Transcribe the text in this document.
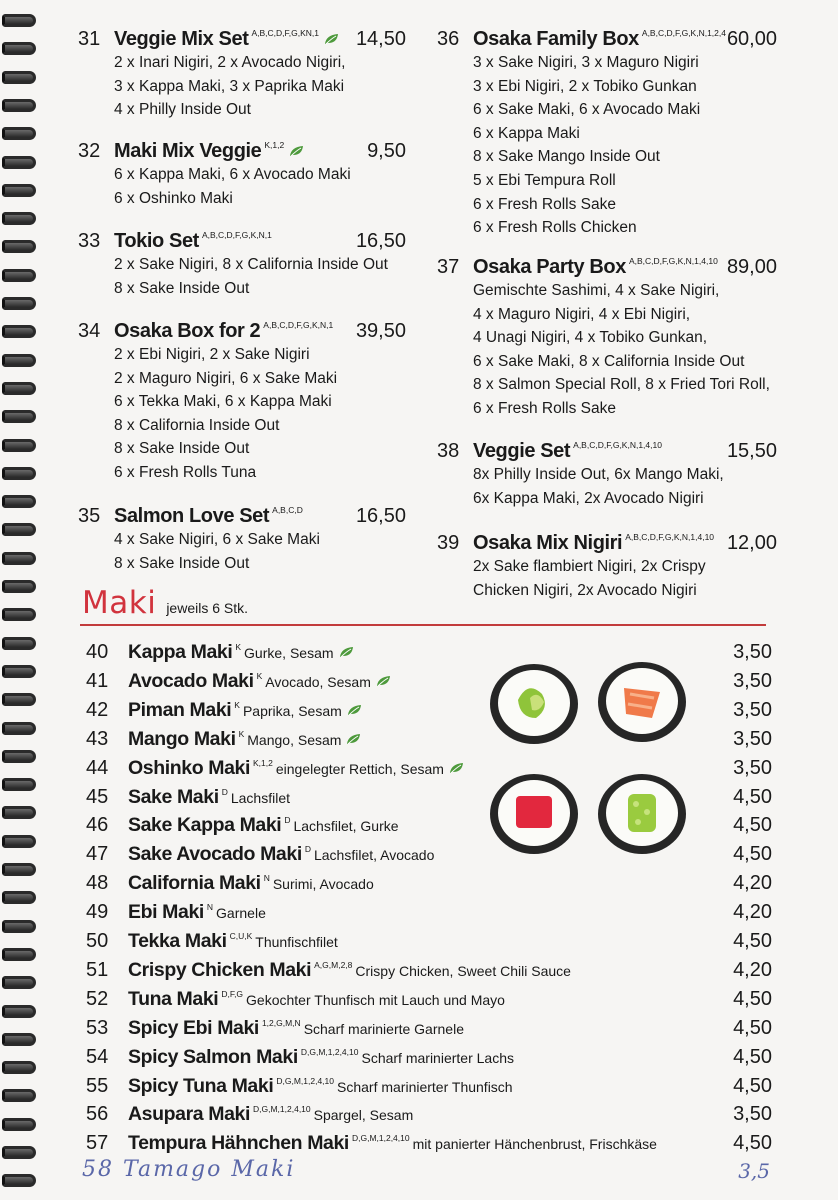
31 Veggie Mix Set A,B,C,D,F,G,KN,1 14,50
2 x Inari Nigiri, 2 x Avocado Nigiri,
3 x Kappa Maki, 3 x Paprika Maki
4 x Philly Inside Out
32 Maki Mix Veggie K,1,2	9,50
6 x Kappa Maki, 6 x Avocado Maki
6 x Oshinko Maki
33 Tokio Set A,B,C,D,F,G,K,N,1	16,50
2 x Sake Nigiri, 8 x California Inside Out
8 x Sake Inside Out
34 Osaka Box for 2 A,B,C,D,F,G,K,N,1 39,50
2 x Ebi Nigiri, 2 x Sake Nigiri
2 x Maguro Nigiri, 6 x Sake Maki
6 x Tekka Maki, 6 x Kappa Maki
8 x California Inside Out
8 x Sake Inside Out
6 x Fresh Rolls Tuna
35 Salmon Love Set A,B,C,D	16,50
4 x Sake Nigiri, 6 x Sake Maki
8 x Sake Inside Out
36 Osaka Family Box A,B,C,D,F,G,K,N,1,2,4 60,00
3 x Sake Nigiri, 3 x Maguro Nigiri
3 x Ebi Nigiri, 2 x Tobiko Gunkan
6 x Sake Maki, 6 x Avocado Maki
6 x Kappa Maki
8 x Sake Mango Inside Out
5 x Ebi Tempura Roll
6 x Fresh Rolls Sake
6 x Fresh Rolls Chicken
37 Osaka Party Box A,B,C,D,F,G,K,N,1,4,10 89,00
Gemischte Sashimi, 4 x Sake Nigiri,
4 x Maguro Nigiri, 4 x Ebi Nigiri,
4 Unagi Nigiri, 4 x Tobiko Gunkan,
6 x Sake Maki, 8 x California Inside Out
8 x Salmon Special Roll, 8 x Fried Tori Roll,
6 x Fresh Rolls Sake
38 Veggie Set A,B,C,D,F,G,K,N,1,4,10	15,50
8x Philly Inside Out, 6x Mango Maki,
6x Kappa Maki, 2x Avocado Nigiri
39 Osaka Mix Nigiri A,B,C,D,F,G,K,N,1,4,10 12,00
2x Sake flambiert Nigiri, 2x Crispy
Chicken Nigiri, 2x Avocado Nigiri
Maki jeweils 6 Stk.
40	Kappa Maki K Gurke, Sesam	3,50
41	Avocado Maki K Avocado, Sesam	3,50
42	Piman Maki K Paprika, Sesam	3,50
43	Mango Maki K Mango, Sesam	3,50
44	Oshinko Maki K,1,2 eingelegter Rettich, Sesam	3,50
45	Sake Maki D Lachsfilet	4,50
46	Sake Kappa Maki D Lachsfilet, Gurke	4,50
47	Sake Avocado Maki D Lachsfilet, Avocado	4,50
48	California Maki N Surimi, Avocado	4,20
49	Ebi Maki N Garnele	4,20
50	Tekka Maki C,U,K Thunfischfilet	4,50
51	Crispy Chicken Maki A,G,M,2,8 Crispy Chicken, Sweet Chili Sauce	4,20
52	Tuna Maki D,F,G Gekochter Thunfisch mit Lauch und Mayo	4,50
53	Spicy Ebi Maki 1,2,G,M,N Scharf marinierte Garnele	4,50
54	Spicy Salmon Maki D,G,M,1,2,4,10 Scharf marinierter Lachs	4,50
55	Spicy Tuna Maki D,G,M,1,2,4,10 Scharf marinierter Thunfisch	4,50
56	Asupara Maki D,G,M,1,2,4,10 Spargel, Sesam	3,50
57	Tempura Hähnchen Maki D,G,M,1,2,4,10 mit panierter Hänchenbrust, Frischkäse	4,50
58 Tamago Maki	3,5
